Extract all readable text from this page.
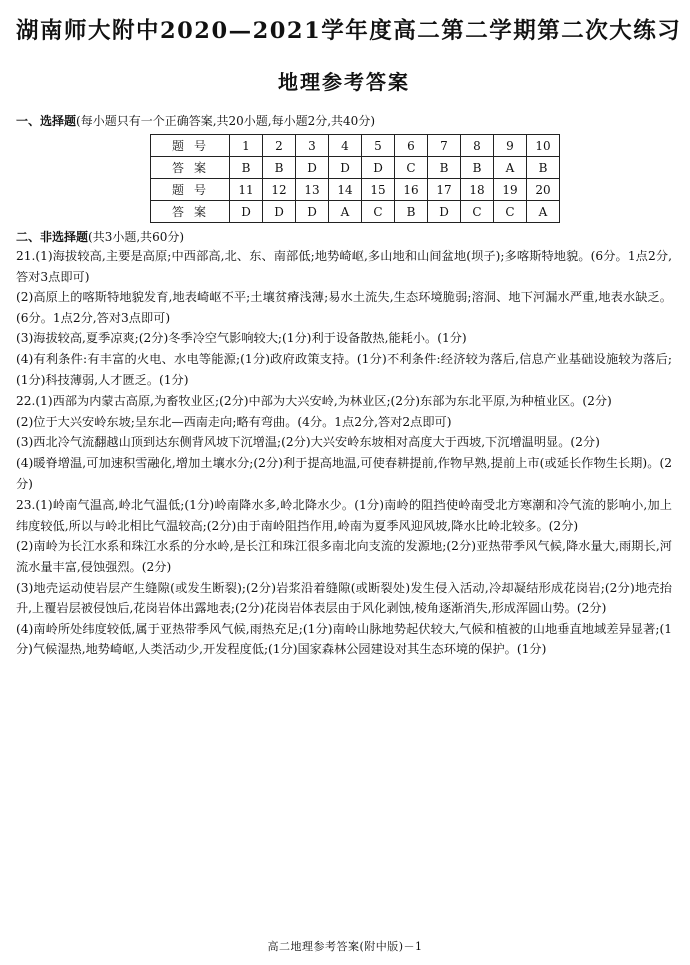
湖南师大附中2020—2021学年度高二第二学期第二次大练习
地理参考答案
一、选择题(每小题只有一个正确答案,共20小题,每小题2分,共40分)
题号	1	2	3	4	5	6	7	8	9	10
答案	B	B	D	D	D	C	B	B	A	B
题号	11	12	13	14	15	16	17	18	19	20
答案	D	D	D	A	C	B	D	C	C	A
二、非选择题(共3小题,共60分)

21.(1)海拔较高,主要是高原;中西部高,北、东、南部低;地势崎岖,多山地和山间盆地(坝子);多喀斯特地貌。(6分。1点2分,答对3点即可)

(2)高原上的喀斯特地貌发育,地表崎岖不平;土壤贫瘠浅薄;易水土流失,生态环境脆弱;溶洞、地下河漏水严重,地表水缺乏。(6分。1点2分,答对3点即可)

(3)海拔较高,夏季凉爽;(2分)冬季冷空气影响较大;(1分)利于设备散热,能耗小。(1分)

(4)有利条件:有丰富的火电、水电等能源;(1分)政府政策支持。(1分)不利条件:经济较为落后,信息产业基础设施较为落后;(1分)科技薄弱,人才匮乏。(1分)

22.(1)西部为内蒙古高原,为畜牧业区;(2分)中部为大兴安岭,为林业区;(2分)东部为东北平原,为种植业区。(2分)

(2)位于大兴安岭东坡;呈东北—西南走向;略有弯曲。(4分。1点2分,答对2点即可)

(3)西北冷气流翻越山顶到达东侧背风坡下沉增温;(2分)大兴安岭东坡相对高度大于西坡,下沉增温明显。(2分)

(4)暖脊增温,可加速积雪融化,增加土壤水分;(2分)利于提高地温,可使春耕提前,作物早熟,提前上市(或延长作物生长期)。(2分)

23.(1)岭南气温高,岭北气温低;(1分)岭南降水多,岭北降水少。(1分)南岭的阻挡使岭南受北方寒潮和冷气流的影响小,加上纬度较低,所以与岭北相比气温较高;(2分)由于南岭阻挡作用,岭南为夏季风迎风坡,降水比岭北较多。(2分)

(2)南岭为长江水系和珠江水系的分水岭,是长江和珠江很多南北向支流的发源地;(2分)亚热带季风气候,降水量大,雨期长,河流水量丰富,侵蚀强烈。(2分)

(3)地壳运动使岩层产生缝隙(或发生断裂);(2分)岩浆沿着缝隙(或断裂处)发生侵入活动,冷却凝结形成花岗岩;(2分)地壳抬升,上覆岩层被侵蚀后,花岗岩体出露地表;(2分)花岗岩体表层由于风化剥蚀,棱角逐渐消失,形成浑圆山势。(2分)

(4)南岭所处纬度较低,属于亚热带季风气候,雨热充足;(1分)南岭山脉地势起伏较大,气候和植被的山地垂直地域差异显著;(1分)气候湿热,地势崎岖,人类活动少,开发程度低;(1分)国家森林公园建设对其生态环境的保护。(1分)

高二地理参考答案(附中版)－1
